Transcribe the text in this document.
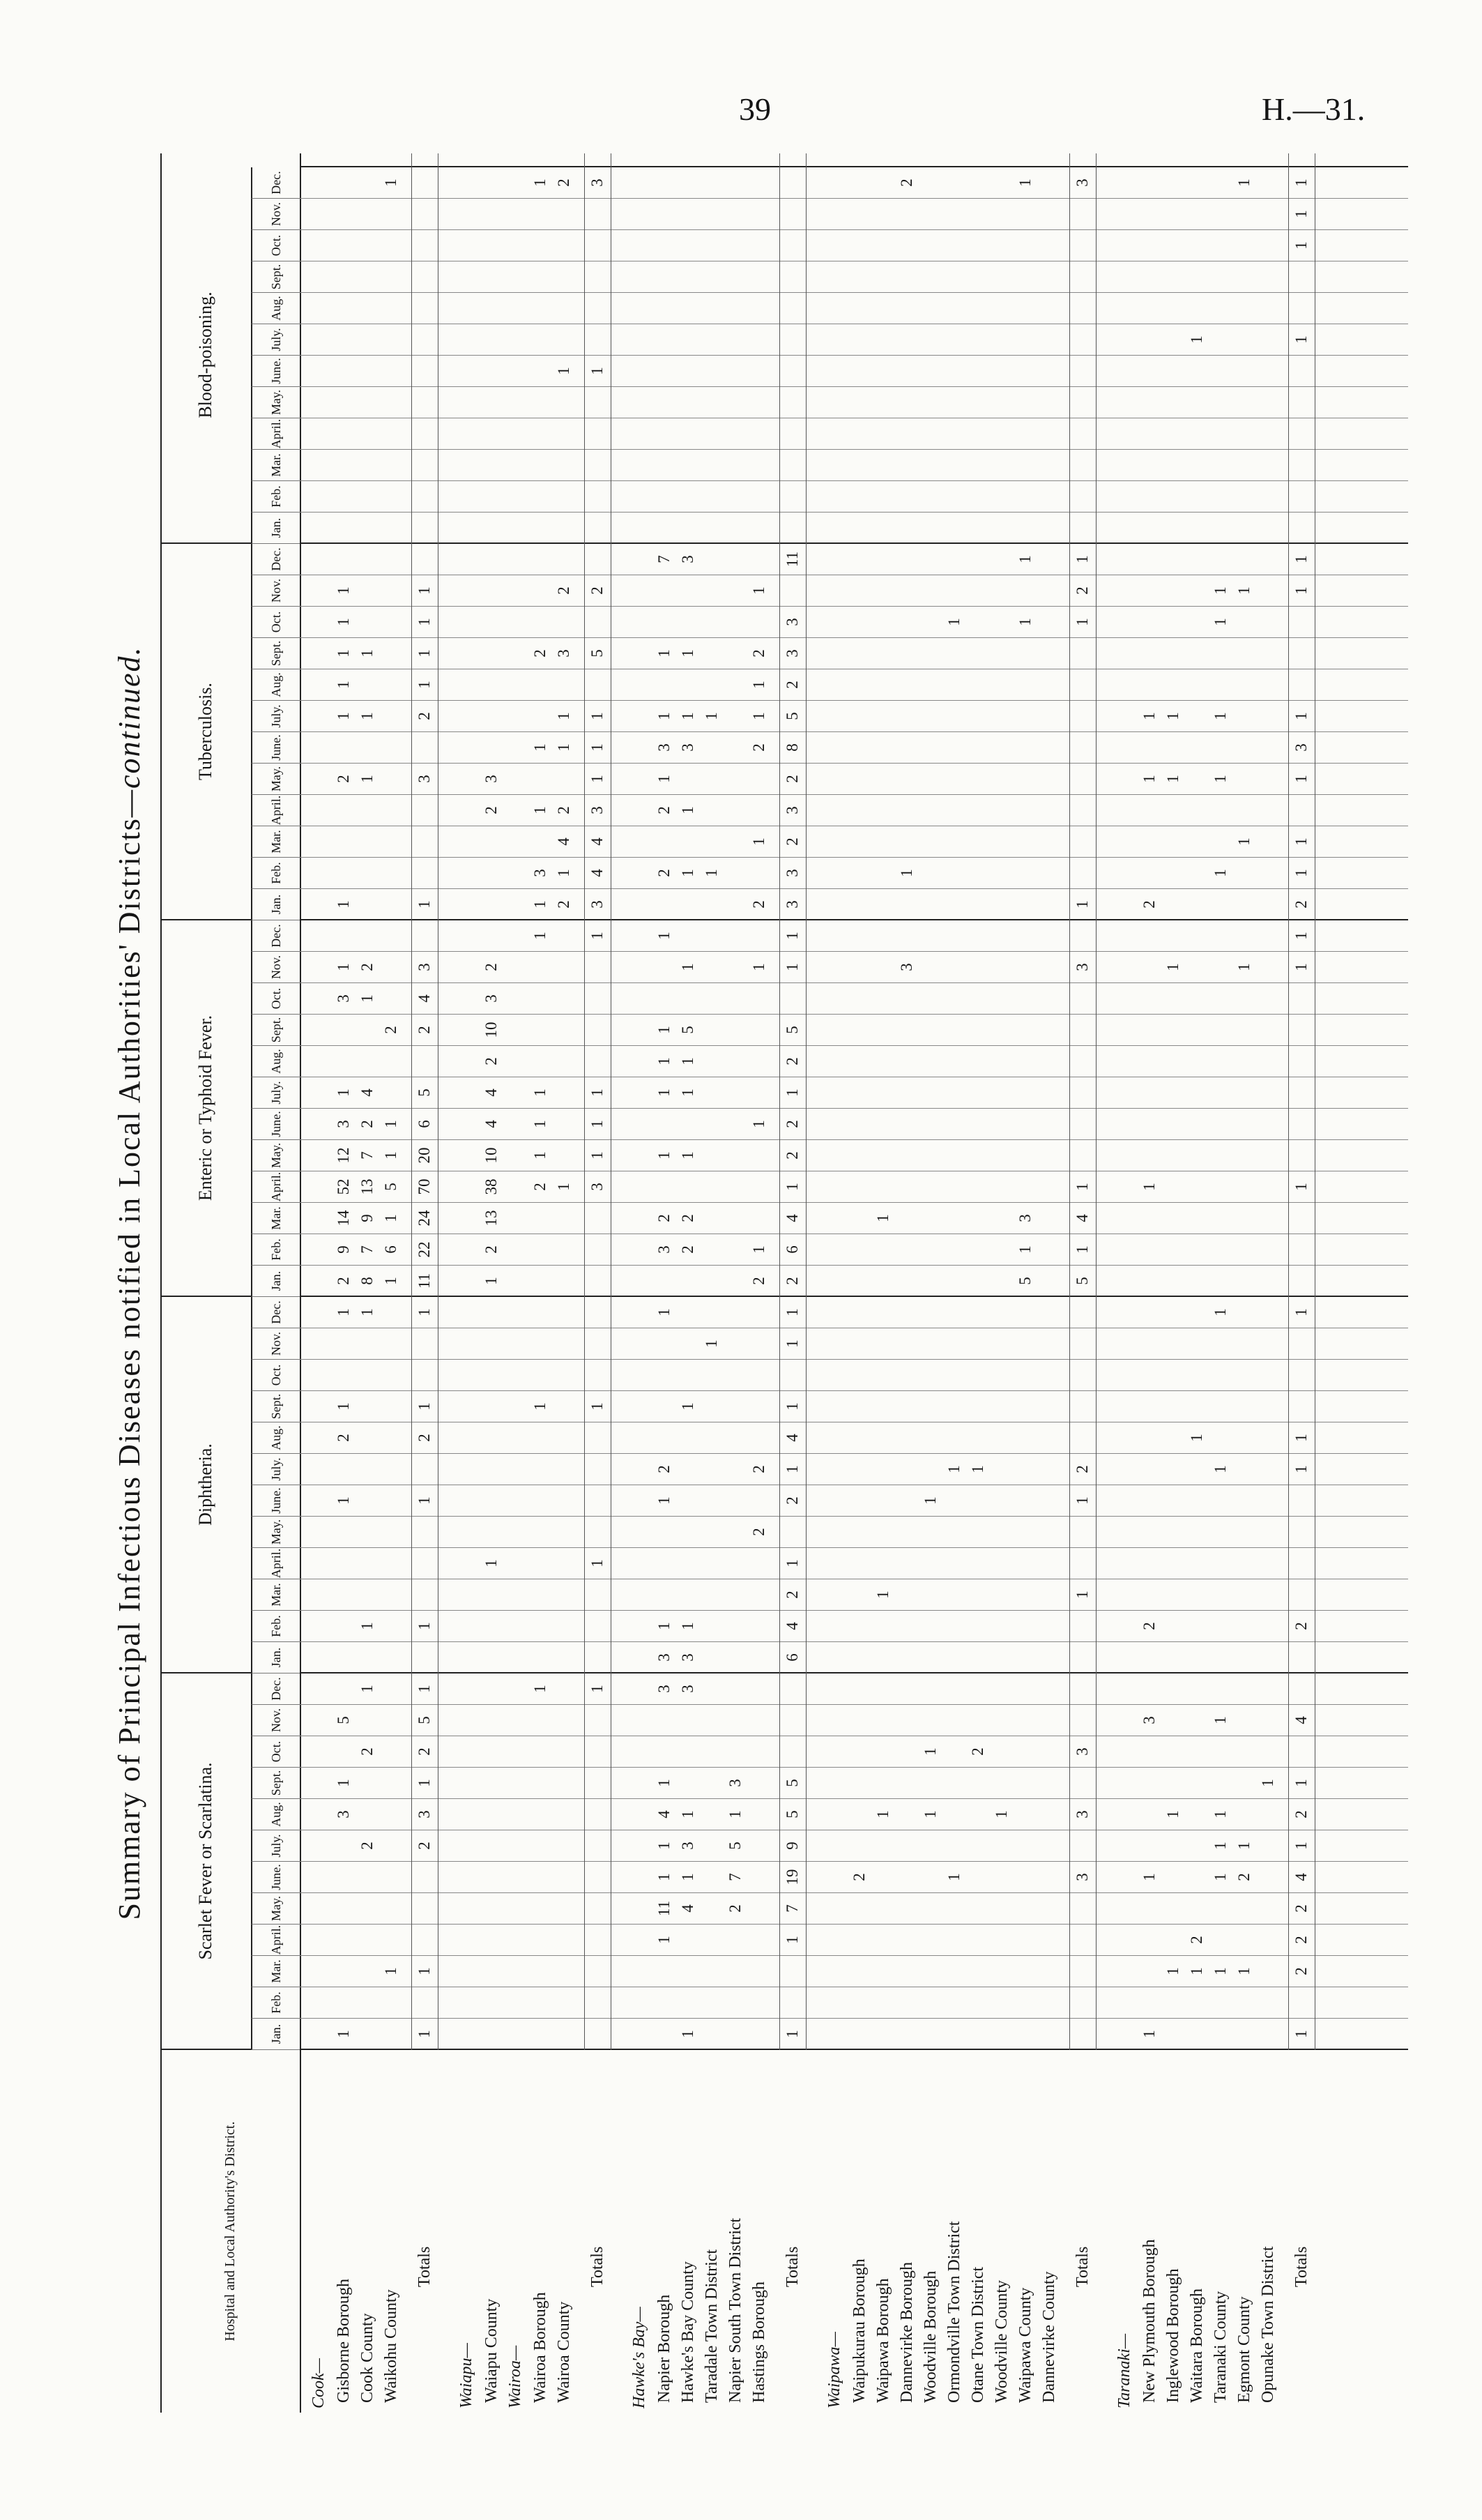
39	H.—31.
Summary of Principal Infectious Diseases notified in Local Authorities' Districts—continued.
Hospital and Local Authority's District.
Scarlet Fever or Scarlatina.
Diphtheria.
Enteric or Typhoid Fever.
Tuberculosis.
Blood-poisoning.
Jan.
Feb.
Mar.
April.
May.
June.
July.
Aug.
Sept.
Oct.
Nov.
Dec.
Jan.
Feb.
Mar.
April.
May.
June.
July.
Aug.
Sept.
Oct.
Nov.
Dec.
Jan.
Feb.
Mar.
April.
May.
June.
July.
Aug.
Sept.
Oct.
Nov.
Dec.
Jan.
Feb.
Mar.
April.
May.
June.
July.
Aug.
Sept.
Oct.
Nov.
Dec.
Jan.
Feb.
Mar.
April.
May.
June.
July.
Aug.
Sept.
Oct.
Nov.
Dec.
Cook— Gisborne Borough
1
3
1
5
1
2
1
1
2
9
14
52
12
3
1
3
1
1
2
1
1
1
1
1
Cook County
2
2
1
1
1
8
7
9
13
7
2
4
1
2
1
1
1
Waikohu County
1
1
6
1
5
1
1
2
1
Totals
1
1
2
3
1
2
5
1
1
1
2
1
1
11
22
24
70
20
6
5
2
4
3
1
3
2
1
1
1
1
Waiapu— Waiapu County
1
1
2
13
38
10
4
4
2
10
3
2
2
3
Wairoa— Wairoa Borough
1
1
2
1
1
1
1
1
3
1
1
2
1
Wairoa County
1
2
1
4
2
1
1
3
2
1
2
Totals
1
1
1
3
1
1
1
1
3
4
4
3
1
1
1
5
2
1
3
Hawke's Bay— Napier Borough
1
11
1
1
4
1
3
3
1
1
2
1
3
2
1
1
1
1
1
2
2
1
3
1
1
7
Hawke's Bay County
1
4
1
3
1
3
3
1
1
2
2
1
1
1
5
1
1
1
3
1
1
3
Taradale Town District
1
1
1
Napier South Town District
2
7
5
1
3
Hastings Borough
2
2
2
1
1
1
2
1
2
1
1
2
1
Totals
1
1
7
19
9
5
5
6
4
2
1
2
1
4
1
1
1
2
6
4
1
2
2
1
2
5
1
1
3
3
2
3
2
8
5
2
3
3
11
Waipawa— Waipukurau Borough
2
Waipawa Borough
1
1
1
Dannevirke Borough
3
1
2
Woodville Borough
1
1
1
Ormondville Town District
1
1
1
Otane Town District
2
1
Woodville County
1
Waipawa County
5
1
3
1
1
1
Dannevirke County
Totals
3
3
3
1
1
2
5
1
4
1
3
1
1
2
1
3
Taranaki— New Plymouth Borough
1
1
3
2
1
2
1
1
Inglewood Borough
1
1
1
1
1
Waitara Borough
1
2
1
1
Taranaki County
1
1
1
1
1
1
1
1
1
1
1
1
Egmont County
1
2
1
1
1
1
1
Opunake Town District
1
Totals
1
2
2
2
4
1
2
1
4
2
1
1
1
1
1
1
2
1
1
1
3
1
1
1
1
1
1
1
